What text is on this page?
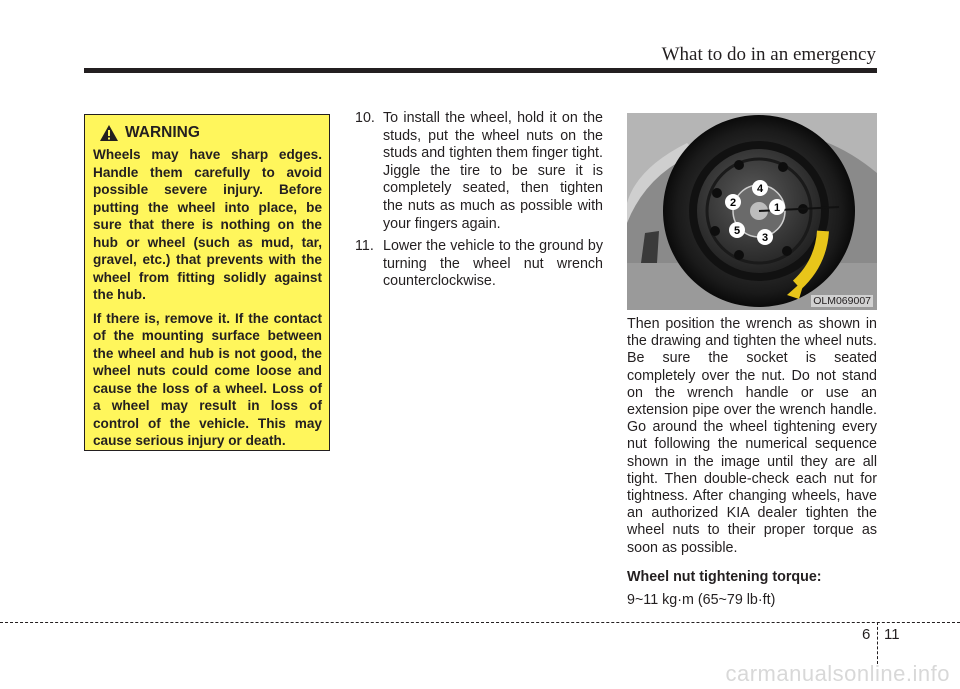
What to do in an emergency
WARNING

Wheels may have sharp edges. Handle them carefully to avoid possible severe injury. Before putting the wheel into place, be sure that there is nothing on the hub or wheel (such as mud, tar, gravel, etc.) that prevents with the wheel from fitting solidly against the hub.

If there is, remove it. If the contact of the mounting surface between the wheel and hub is not good, the wheel nuts could come loose and cause the loss of a wheel. Loss of a wheel may result in loss of control of the vehicle. This may cause serious injury or death.

10. To install the wheel, hold it on the studs, put the wheel nuts on the studs and tighten them finger tight. Jiggle the tire to be sure it is completely seated, then tighten the nuts as much as possible with your fingers again.
11. Lower the vehicle to the ground by turning the wheel nut wrench counterclockwise.
1
2
3
4
5
OLM069007

Then position the wrench as shown in the drawing and tighten the wheel nuts. Be sure the socket is seated completely over the nut. Do not stand on the wrench handle or use an extension pipe over the wrench handle. Go around the wheel tightening every nut following the numerical sequence shown in the image until they are all tight. Then double-check each nut for tightness. After changing wheels, have an authorized KIA dealer tighten the wheel nuts to their proper torque as soon as possible.

Wheel nut tightening torque:

9~11 kg·m (65~79 lb·ft)

6 11
carmanualsonline.info
